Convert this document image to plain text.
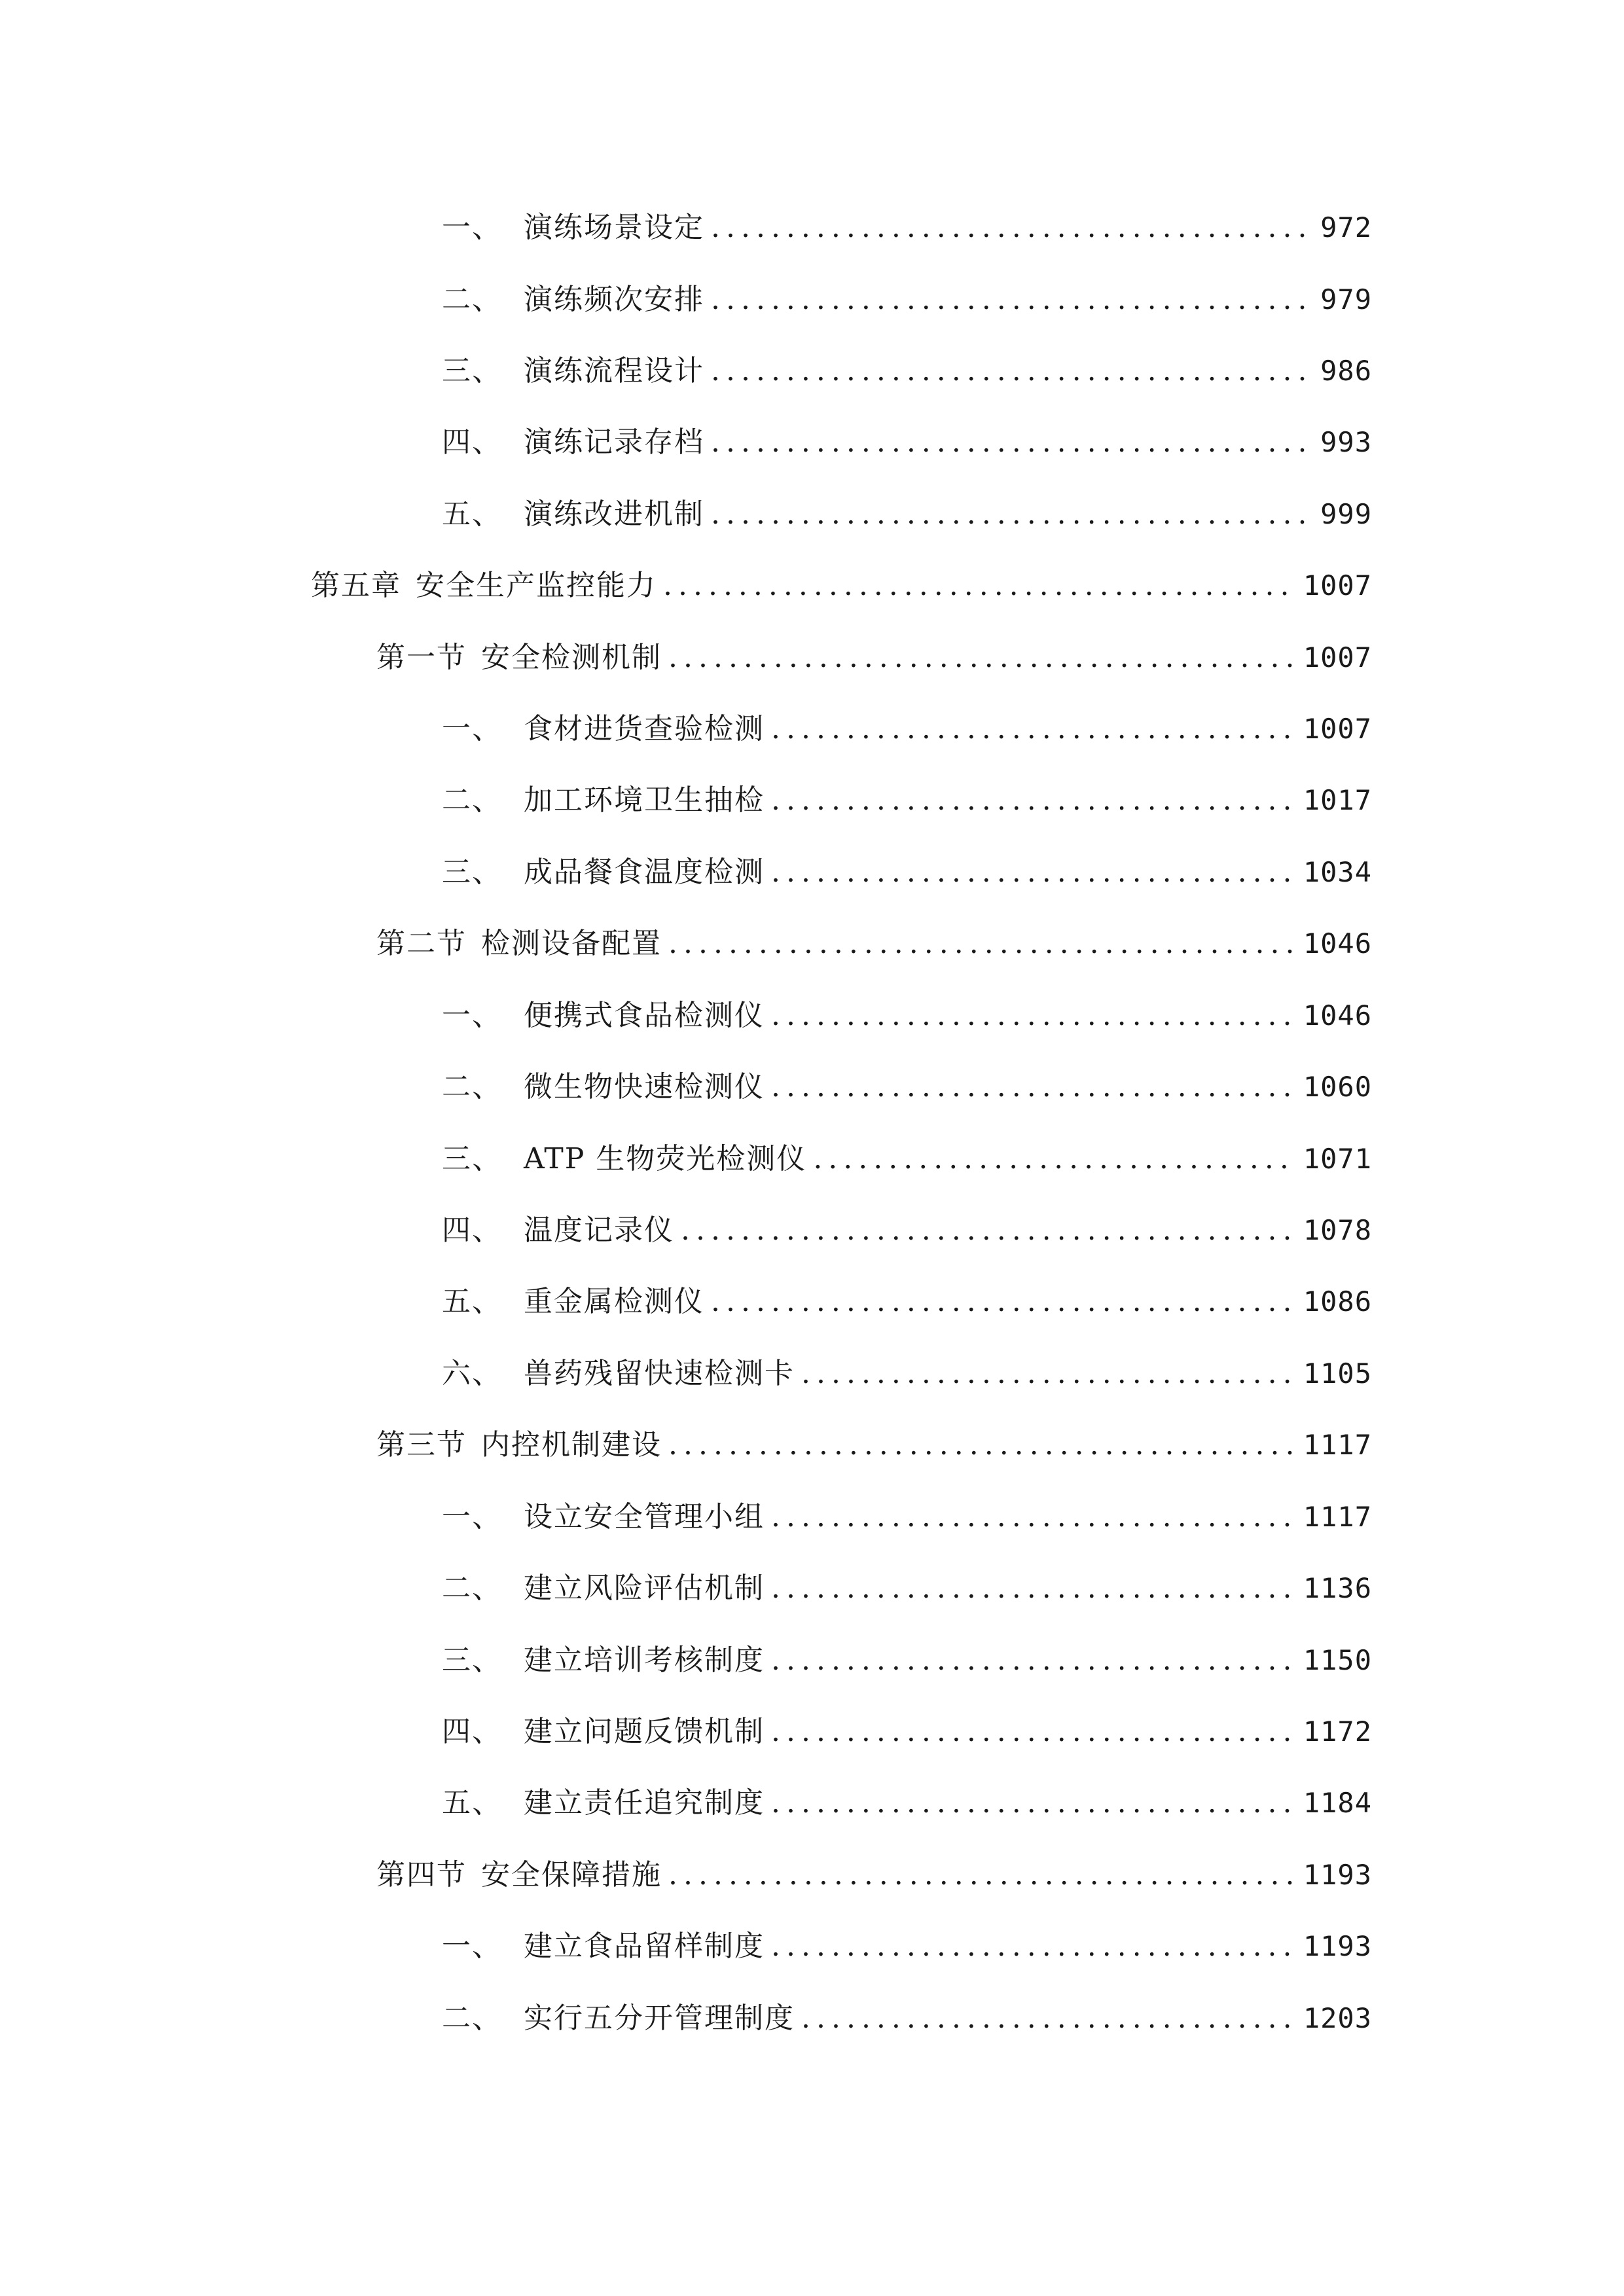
一、 演练场景设定 .....	972
二、 演练频次安排 .....	979
三、 演练流程设计 .....	986
四、 演练记录存档 .....	993
五、 演练改进机制 .....	999
第五章 安全生产监控能力 .....	1007
第一节 安全检测机制 .....	1007
一、 食材进货查验检测 .....	1007
二、 加工环境卫生抽检 .....	1017
三、 成品餐食温度检测 .....	1034
第二节 检测设备配置 .....	1046
一、 便携式食品检测仪 .....	1046
二、 微生物快速检测仪 .....	1060
三、 ATP 生物荧光检测仪 .....	1071
四、 温度记录仪 .....	1078
五、 重金属检测仪 .....	1086
六、 兽药残留快速检测卡 .....	1105
第三节 内控机制建设 .....	1117
一、 设立安全管理小组 .....	1117
二、 建立风险评估机制 .....	1136
三、 建立培训考核制度 .....	1150
四、 建立问题反馈机制 .....	1172
五、 建立责任追究制度 .....	1184
第四节 安全保障措施 .....	1193
一、 建立食品留样制度 .....	1193
二、 实行五分开管理制度 .....	1203
